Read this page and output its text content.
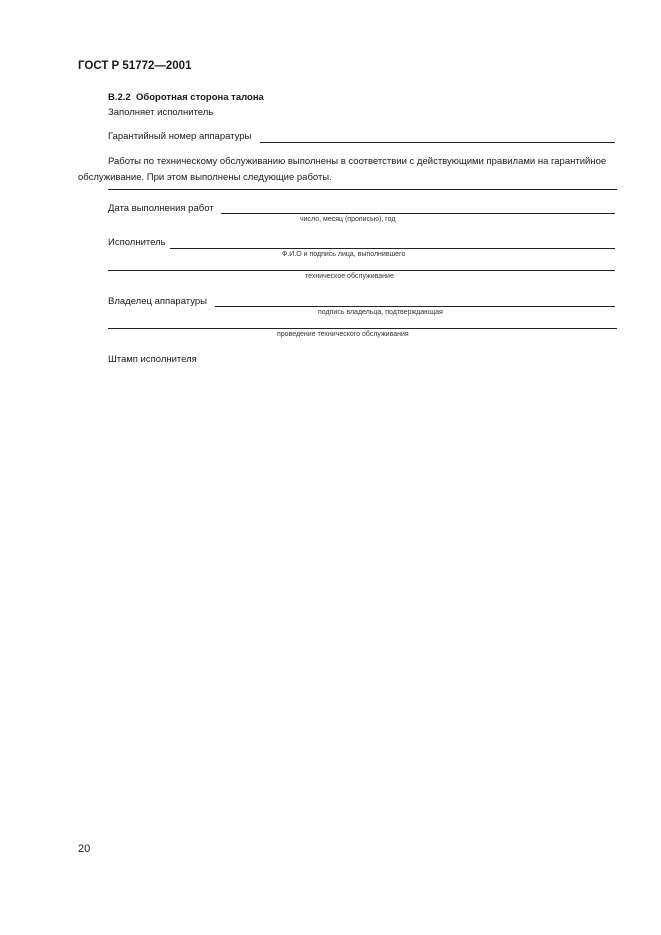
ГОСТ Р 51772—2001
В.2.2 Оборотная сторона талона
Заполняет исполнитель
Гарантийный номер аппаратуры
Работы по техническому обслуживанию выполнены в соответствии с действующими правилами на гарантийное обслуживание. При этом выполнены следующие работы.
Дата выполнения работ
число, месяц (прописью), год
Исполнитель
Ф.И.О и подпись лица, выполнившего
техническое обслуживание
Владелец аппаратуры
подпись владельца, подтверждающая
проведение технического обслуживания
Штамп исполнителя
20
